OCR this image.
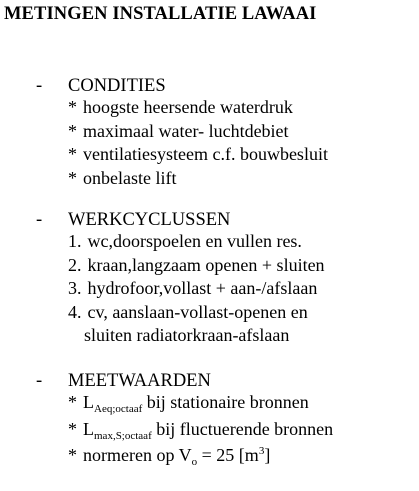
METINGEN INSTALLATIE LAWAAI
- CONDITIES
* hoogste heersende waterdruk
* maximaal water- luchtdebiet
* ventilatiesysteem c.f. bouwbesluit
* onbelaste lift
- WERKCYCLUSSEN
1. wc,doorspoelen en vullen res.
2. kraan,langzaam openen + sluiten
3. hydrofoor,vollast + aan-/afslaan
4. cv, aanslaan-vollast-openen en
sluiten radiatorkraan-afslaan
- MEETWAARDEN
* $L_{Aeq;octaaf}$ bij stationaire bronnen
* $L_{max,S;octaaf}$ bij fluctuerende bronnen
* normeren op $V_o = 25$ $[m^3]$
